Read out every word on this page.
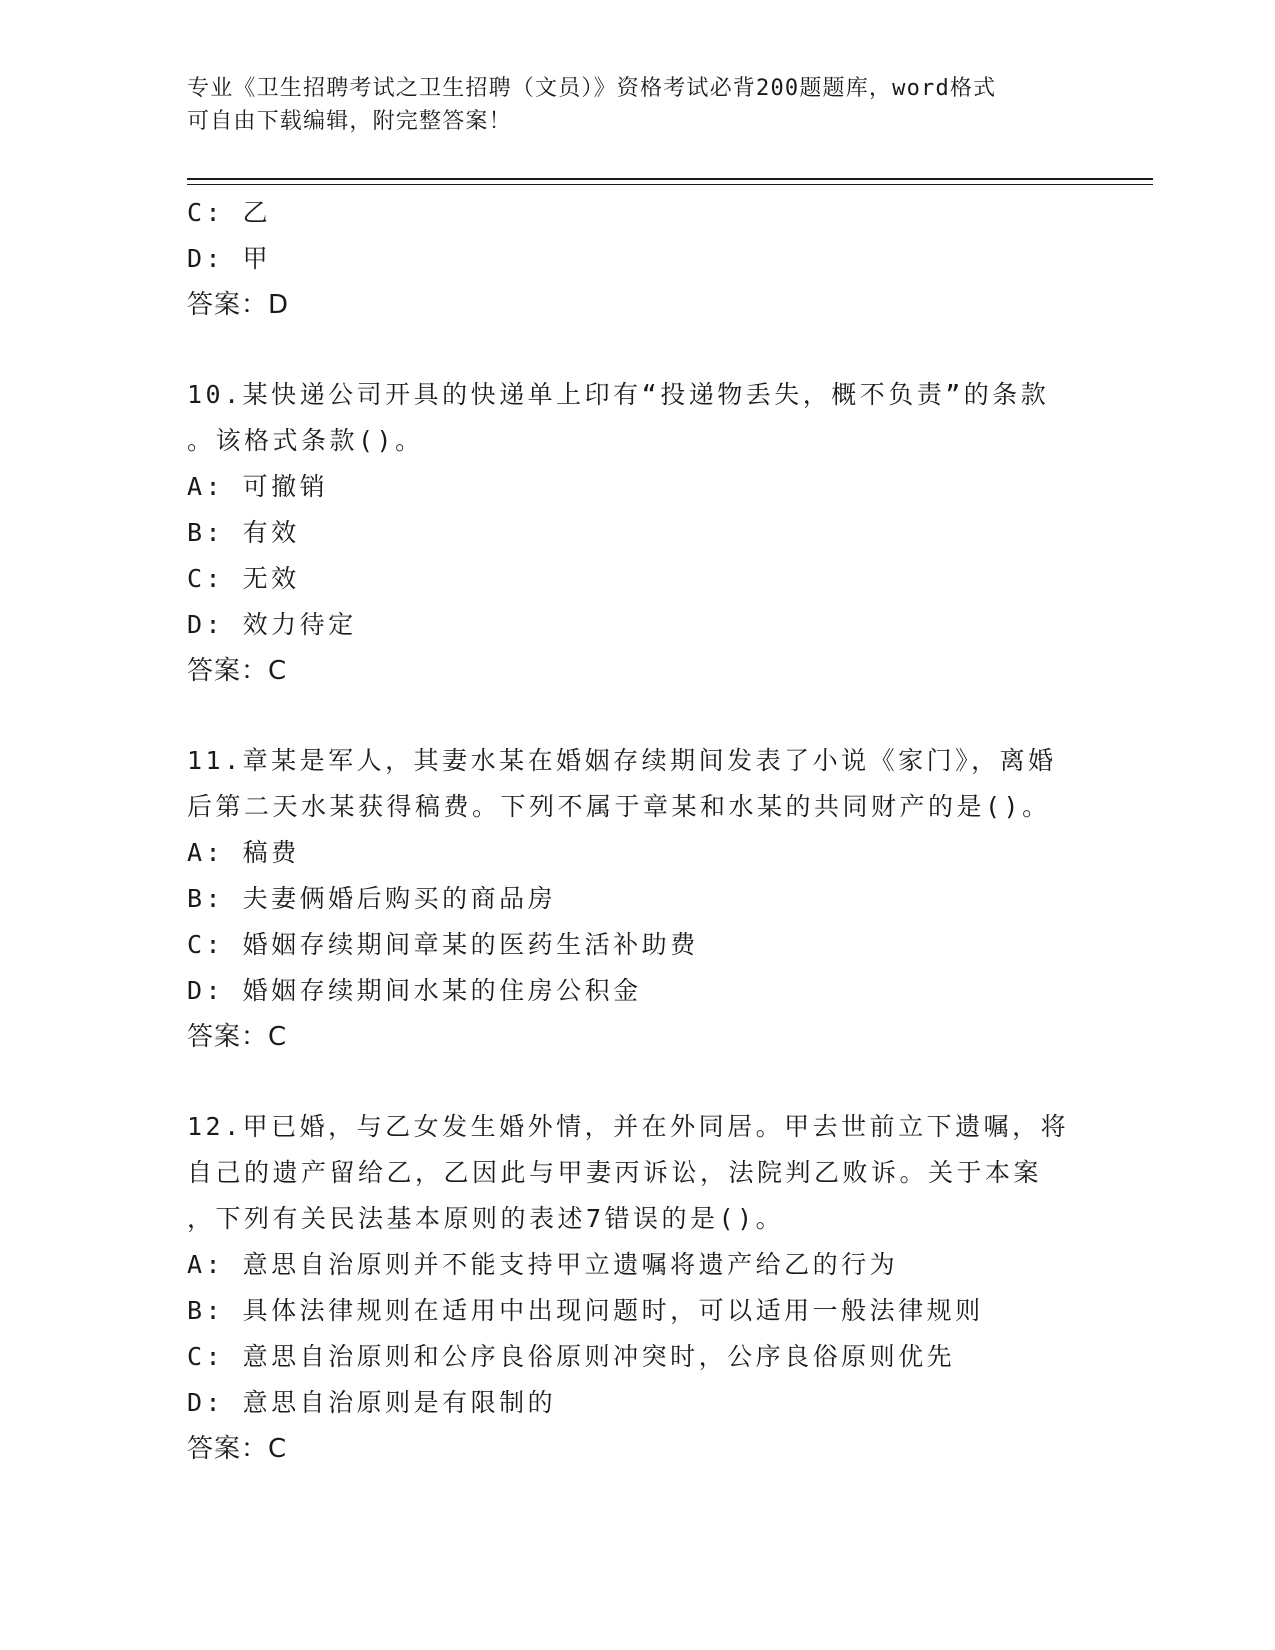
专业《卫生招聘考试之卫生招聘（文员）》资格考试必背200题题库，word格式
可自由下载编辑，附完整答案！
C: 乙
D: 甲
答案：D
10.某快递公司开具的快递单上印有“投递物丢失，概不负责”的条款
。该格式条款()。
A: 可撤销
B: 有效
C: 无效
D: 效力待定
答案：C
11.章某是军人，其妻水某在婚姻存续期间发表了小说《家门》，离婚
后第二天水某获得稿费。下列不属于章某和水某的共同财产的是()。
A: 稿费
B: 夫妻俩婚后购买的商品房
C: 婚姻存续期间章某的医药生活补助费
D: 婚姻存续期间水某的住房公积金
答案：C
12.甲已婚，与乙女发生婚外情，并在外同居。甲去世前立下遗嘱，将
自己的遗产留给乙，乙因此与甲妻丙诉讼，法院判乙败诉。关于本案
，下列有关民法基本原则的表述7错误的是()。
A: 意思自治原则并不能支持甲立遗嘱将遗产给乙的行为
B: 具体法律规则在适用中出现问题时，可以适用一般法律规则
C: 意思自治原则和公序良俗原则冲突时，公序良俗原则优先
D: 意思自治原则是有限制的
答案：C
